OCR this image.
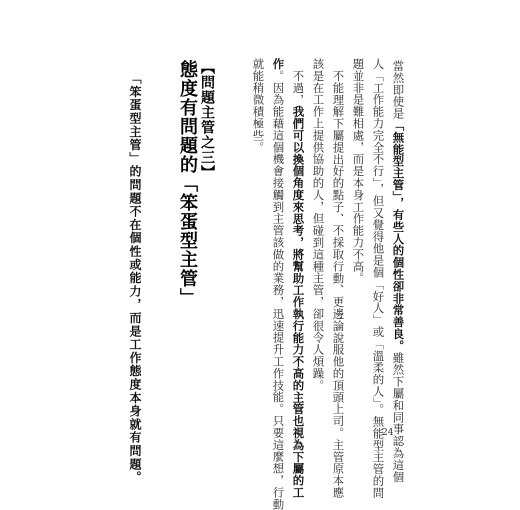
當然即使是「無能型主管」，有些人的個性卻非常善良。雖然下屬和同事認為這個
人「工作能力完全不行」，但又覺得他是個「好人」或「溫柔的人」。無能型主管的問
題並非是難相處，而是本身工作能力不高。
不能理解下屬提出好的點子、不採取行動、更邊論說服他的頂頭上司。主管原本應
該是在工作上提供協助的人，但碰到這種主管，卻很令人煩躁。
不過，我們可以換個角度來思考，將幫助工作執行能力不高的主管也視為下屬的工
作。因為能藉這個機會接觸到主管該做的業務，迅速提升工作技能。只要這麼想，行動
就能稍微積極些。
【問題主管之三】
態度有問題的「笨蛋型主管」
「笨蛋型主管」的問題不在個性或能力，而是工作態度本身就有問題。	24
